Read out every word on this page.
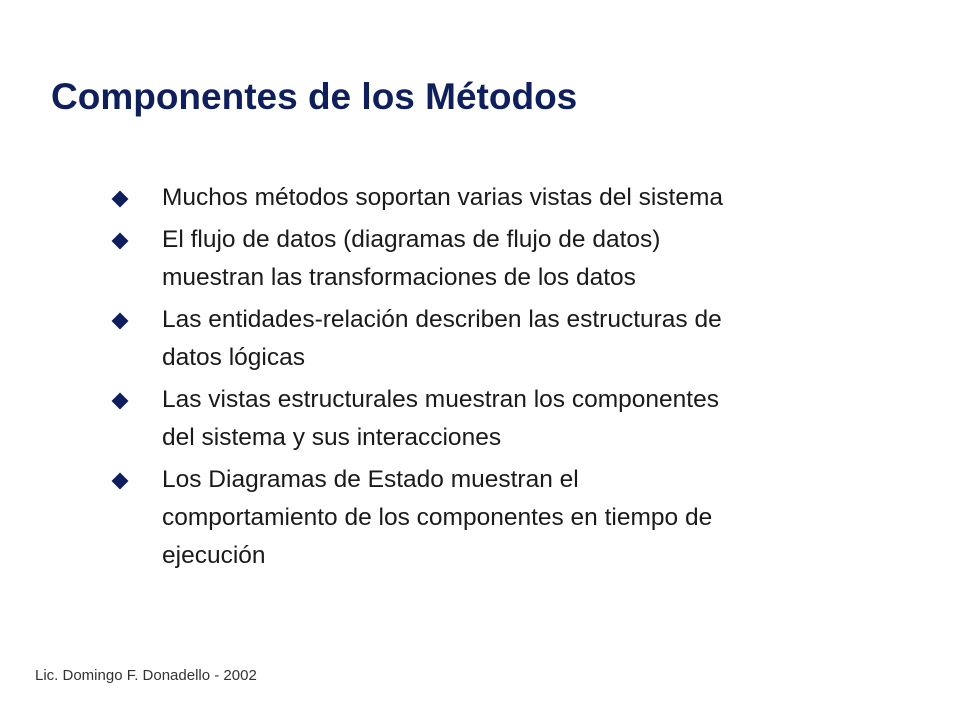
Componentes de los Métodos
Muchos métodos soportan varias vistas del sistema
El flujo de datos (diagramas de flujo de datos)
muestran las transformaciones de los datos
Las entidades-relación describen las estructuras de
datos lógicas
Las vistas estructurales muestran los componentes
del sistema y sus interacciones
Los Diagramas de Estado muestran el
comportamiento de los componentes en tiempo de
ejecución
Lic. Domingo F. Donadello - 2002
